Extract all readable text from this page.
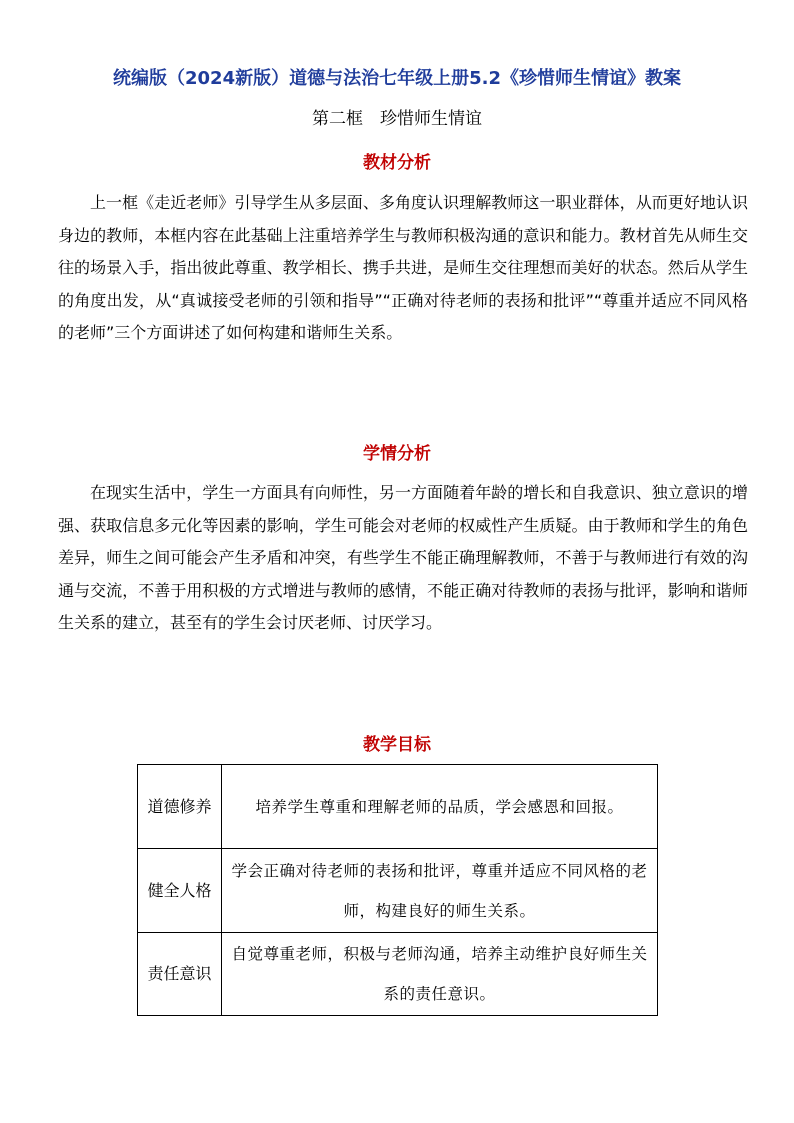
统编版（2024新版）道德与法治七年级上册5.2《珍惜师生情谊》教案
第二框　珍惜师生情谊
教材分析

上一框《走近老师》引导学生从多层面、多角度认识理解教师这一职业群体，从而更好地认识身边的教师，本框内容在此基础上注重培养学生与教师积极沟通的意识和能力。教材首先从师生交往的场景入手，指出彼此尊重、教学相长、携手共进，是师生交往理想而美好的状态。然后从学生的角度出发，从“真诚接受老师的引领和指导”“正确对待老师的表扬和批评”“尊重并适应不同风格的老师”三个方面讲述了如何构建和谐师生关系。

学情分析

在现实生活中，学生一方面具有向师性，另一方面随着年龄的增长和自我意识、独立意识的增强、获取信息多元化等因素的影响，学生可能会对老师的权威性产生质疑。由于教师和学生的角色差异，师生之间可能会产生矛盾和冲突，有些学生不能正确理解教师，不善于与教师进行有效的沟通与交流，不善于用积极的方式增进与教师的感情，不能正确对待教师的表扬与批评，影响和谐师生关系的建立，甚至有的学生会讨厌老师、讨厌学习。

教学目标
道德修养	培养学生尊重和理解老师的品质，学会感恩和回报。
健全人格	学会正确对待老师的表扬和批评，尊重并适应不同风格的老师，构建良好的师生关系。
责任意识	自觉尊重老师，积极与老师沟通，培养主动维护良好师生关系的责任意识。
